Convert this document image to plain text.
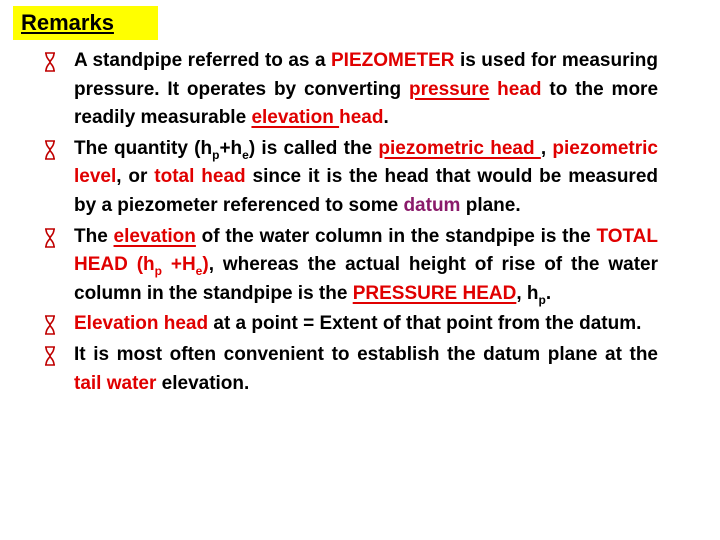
Remarks
A standpipe referred to as a PIEZOMETER is used for measuring pressure. It operates by converting pressure head to the more readily measurable elevation head.
The quantity $(h_p+h_e)$ is called the piezometric head , piezometric level, or total head since it is the head that would be measured by a piezometer referenced to some datum plane.
The elevation of the water column in the standpipe is the TOTAL HEAD $(h_p +H_e)$, whereas the actual height of rise of the water column in the standpipe is the PRESSURE HEAD, $h_p$.
Elevation head at a point = Extent of that point from the datum.
It is most often convenient to establish the datum plane at the tail water elevation.
